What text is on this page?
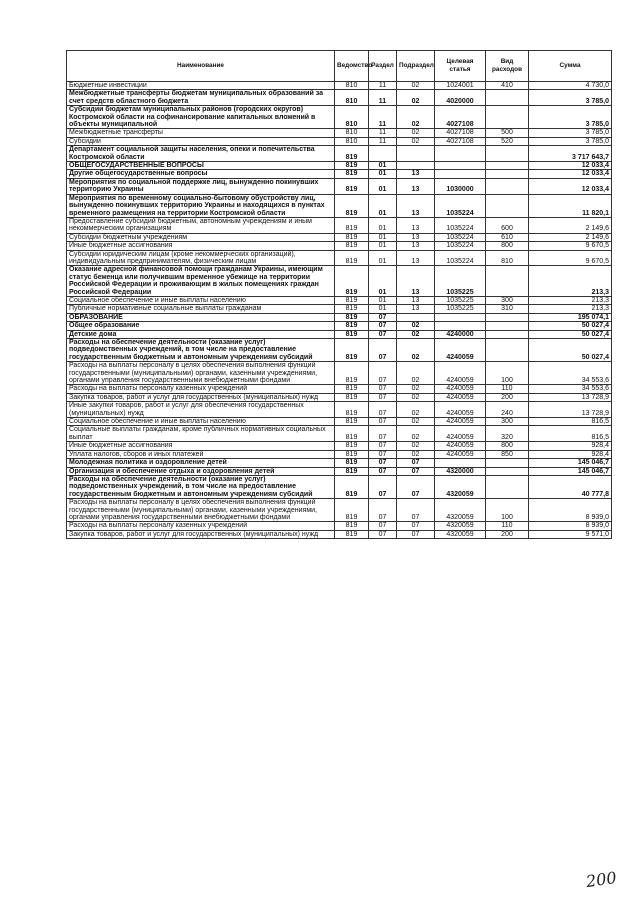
Наименование	Ведомство	Раздел	Подраздел	Целевая статья	Вид расходов	Сумма
Бюджетные инвестиции	810	11	02	1024001	410	4 730,0
Межбюджетные трансферты бюджетам муниципальных образований за счет средств областного бюджета	810	11	02	4020000		3 785,0
Субсидии бюджетам муниципальных районов (городских округов) Костромской области на софинансирование капитальных вложений в объекты муниципальной	810	11	02	4027108		3 785,0
Межбюджетные трансферты	810	11	02	4027108	500	3 785,0
Субсидии	810	11	02	4027108	520	3 785,0
Департамент социальной защиты населения, опеки и попечительства Костромской области	819					3 717 643,7
ОБЩЕГОСУДАРСТВЕННЫЕ ВОПРОСЫ	819	01				12 033,4
Другие общегосударственные вопросы	819	01	13			12 033,4
Мероприятия по социальной поддержке лиц, вынужденно покинувших территорию Украины	819	01	13	1030000		12 033,4
Мероприятия по временному социально-бытовому обустройству лиц, вынужденно покинувших территорию Украины и находящихся в пунктах временного размещения на территории Костромской области	819	01	13	1035224		11 820,1
Предоставление субсидий бюджетным, автономным учреждениям и иным некоммерческим организациям	819	01	13	1035224	600	2 149,6
Субсидии бюджетным учреждениям	819	01	13	1035224	610	2 149,6
Иные бюджетные ассигнования	819	01	13	1035224	800	9 670,5
Субсидии юридическим лицам (кроме некоммерческих организаций), индивидуальным предпринимателям, физическим лицам	819	01	13	1035224	810	9 670,5
Оказание адресной финансовой помощи гражданам Украины, имеющим статус беженца или получившим временное убежище на территории Российской Федерации и проживающим в жилых помещениях граждан Российской Федерации	819	01	13	1035225		213,3
Социальное обеспечение и иные выплаты населению	819	01	13	1035225	300	213,3
Публичные нормативные социальные выплаты гражданам	819	01	13	1035225	310	213,3
ОБРАЗОВАНИЕ	819	07				195 074,1
Общее образование	819	07	02			50 027,4
Детские дома	819	07	02	4240000		50 027,4
Расходы на обеспечение деятельности (оказание услуг) подведомственных учреждений, в том числе на предоставление государственным бюджетным и автономным учреждениям субсидий	819	07	02	4240059		50 027,4
Расходы на выплаты персоналу в целях обеспечения выполнения функций государственными (муниципальными) органами, казенными учреждениями, органами управления государственными внебюджетными фондами	819	07	02	4240059	100	34 553,6
Расходы на выплаты персоналу казенных учреждений	819	07	02	4240059	110	34 553,6
Закупка товаров, работ и услуг для государственных (муниципальных) нужд	819	07	02	4240059	200	13 728,9
Иные закупки товаров, работ и услуг для обеспечения государственных (муниципальных) нужд	819	07	02	4240059	240	13 728,9
Социальное обеспечение и иные выплаты населению	819	07	02	4240059	300	816,5
Социальные выплаты гражданам, кроме публичных нормативных социальных выплат	819	07	02	4240059	320	816,5
Иные бюджетные ассигнования	819	07	02	4240059	800	928,4
Уплата налогов, сборов и иных платежей	819	07	02	4240059	850	928,4
Молодежная политика и оздоровление детей	819	07	07			145 046,7
Организация и обеспечение отдыха и оздоровления детей	819	07	07	4320000		145 046,7
Расходы на обеспечение деятельности (оказание услуг) подведомственных учреждений, в том числе на предоставление государственным бюджетным и автономным учреждениям субсидий	819	07	07	4320059		40 777,8
Расходы на выплаты персоналу в целях обеспечения выполнения функций государственными (муниципальными) органами, казенными учреждениями, органами управления государственными внебюджетными фондами	819	07	07	4320059	100	8 939,0
Расходы на выплаты персоналу казенных учреждений	819	07	07	4320059	110	8 939,0
Закупка товаров, работ и услуг для государственных (муниципальных) нужд	819	07	07	4320059	200	9 571,0
200
